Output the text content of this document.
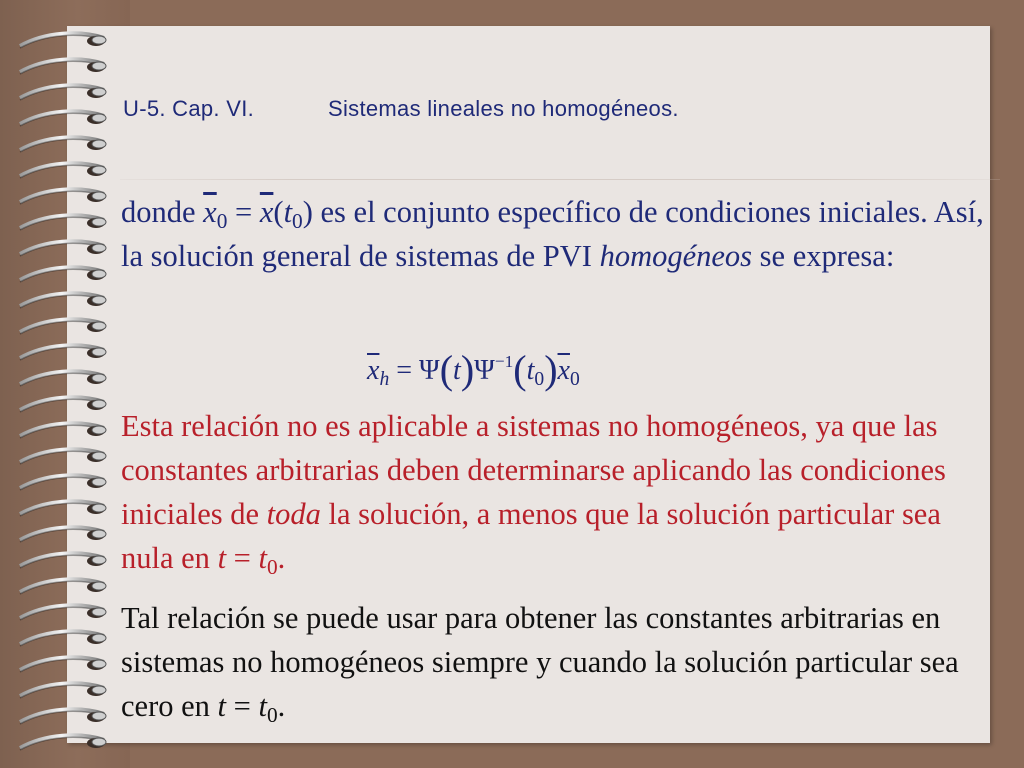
U-5. Cap. VI.	Sistemas lineales no homogéneos.

donde $\overline{x}_0 = \overline{x}(t_0)$ es el conjunto específico de condiciones iniciales. Así, la solución general de sistemas de PVI homogéneos se expresa:

$\overline{x}_h = \Psi(t)\Psi^{-1}(t_0)\overline{x}_0$

Esta relación no es aplicable a sistemas no homogéneos, ya que las constantes arbitrarias deben determinarse aplicando las condiciones iniciales de toda la solución, a menos que la solución particular sea nula en $t = t_0$.

Tal relación se puede usar para obtener las constantes arbitrarias en sistemas no homogéneos siempre y cuando la solución particular sea cero en $t = t_0$.
